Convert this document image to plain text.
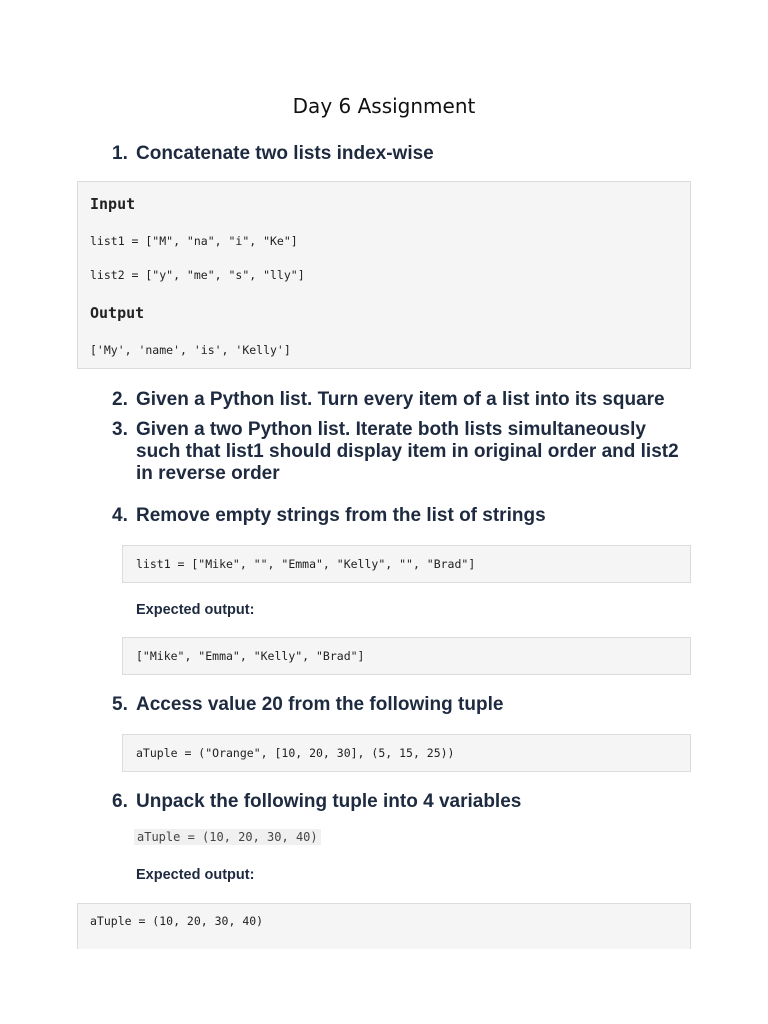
Day 6 Assignment
1. Concatenate two lists index-wise
Input
list1 = ["M", "na", "i", "Ke"]
list2 = ["y", "me", "s", "lly"]
Output
['My', 'name', 'is', 'Kelly']
2. Given a Python list. Turn every item of a list into its square
3. Given a two Python list. Iterate both lists simultaneously such that list1 should display item in original order and list2 in reverse order
4. Remove empty strings from the list of strings
list1 = ["Mike", "", "Emma", "Kelly", "", "Brad"]
Expected output:
["Mike", "Emma", "Kelly", "Brad"]
5. Access value 20 from the following tuple
aTuple = ("Orange", [10, 20, 30], (5, 15, 25))
6. Unpack the following tuple into 4 variables
aTuple = (10, 20, 30, 40)
Expected output:
aTuple = (10, 20, 30, 40)
